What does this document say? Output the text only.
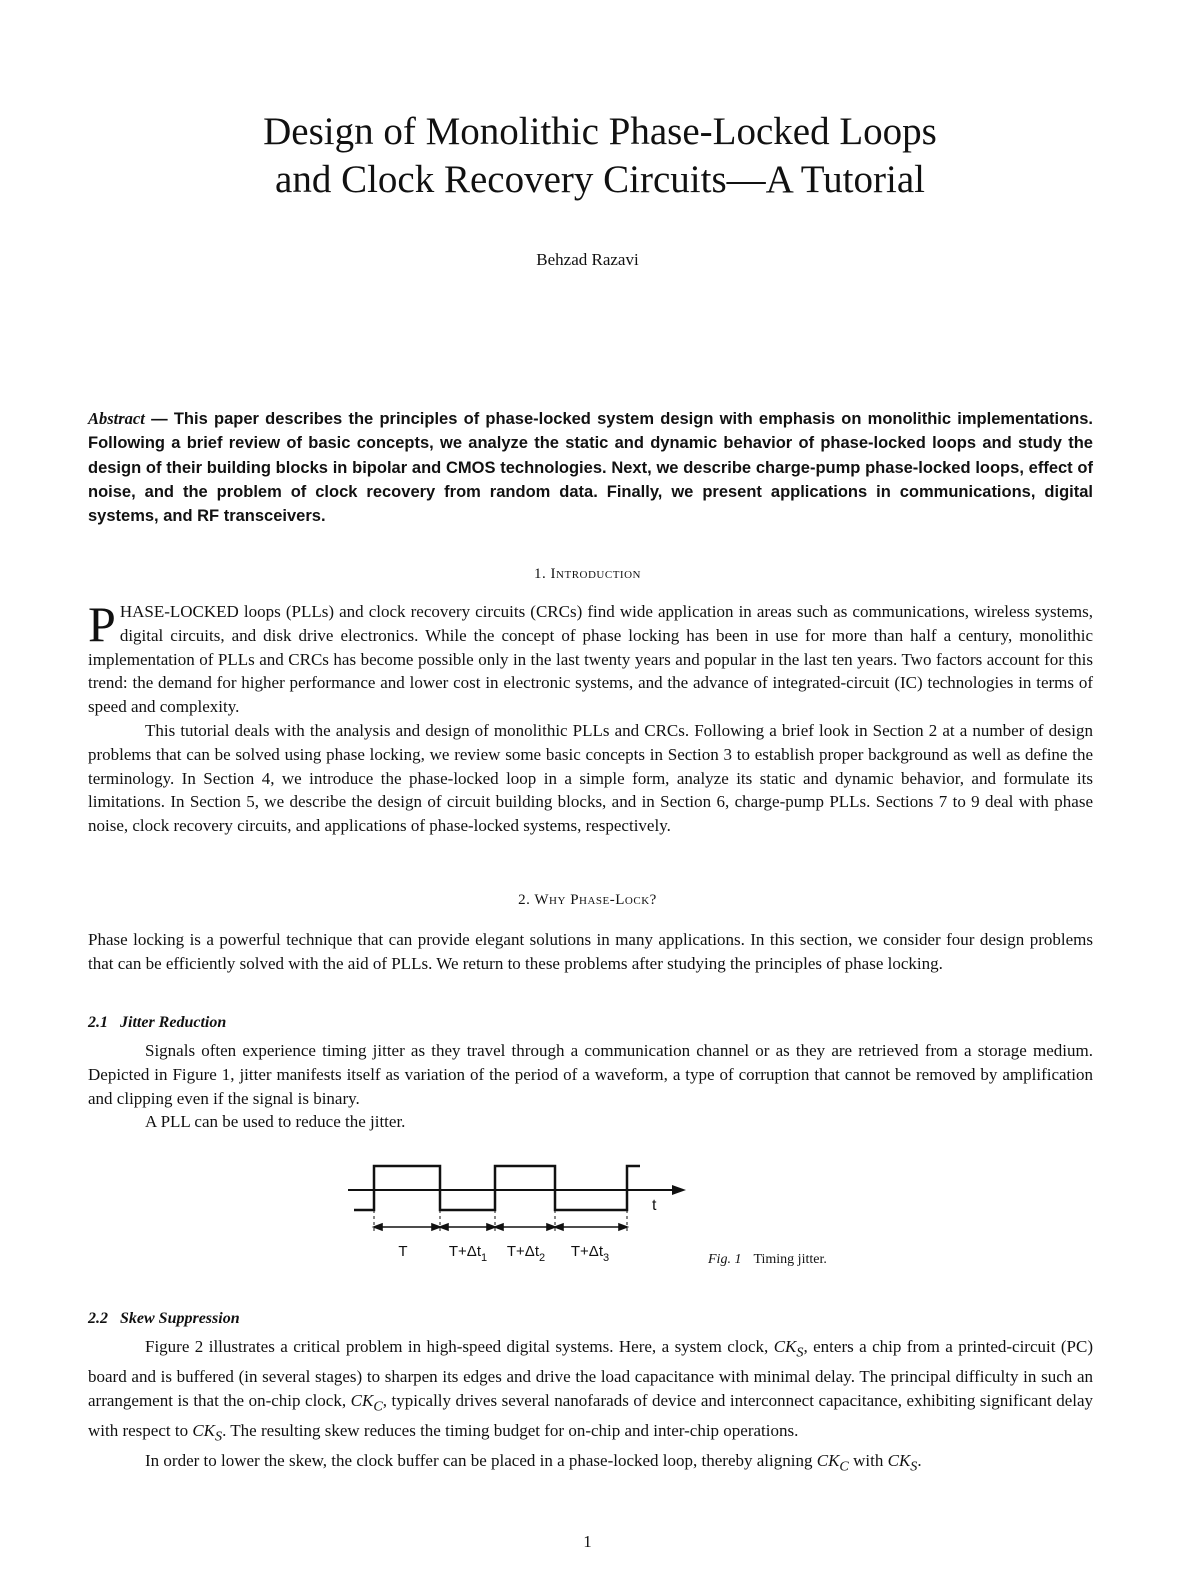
Design of Monolithic Phase-Locked Loops
and Clock Recovery Circuits—A Tutorial
Behzad Razavi

Abstract — This paper describes the principles of phase-locked system design with emphasis on monolithic implementations. Following a brief review of basic concepts, we analyze the static and dynamic behavior of phase-locked loops and study the design of their building blocks in bipolar and CMOS technologies. Next, we describe charge-pump phase-locked loops, effect of noise, and the problem of clock recovery from random data. Finally, we present applications in communications, digital systems, and RF transceivers.

1. Introduction

PHASE-LOCKED loops (PLLs) and clock recovery circuits (CRCs) find wide application in areas such as communications, wireless systems, digital circuits, and disk drive electronics. While the concept of phase locking has been in use for more than half a century, monolithic implementation of PLLs and CRCs has become possible only in the last twenty years and popular in the last ten years. Two factors account for this trend: the demand for higher performance and lower cost in electronic systems, and the advance of integrated-circuit (IC) technologies in terms of speed and complexity.

This tutorial deals with the analysis and design of monolithic PLLs and CRCs. Following a brief look in Section 2 at a number of design problems that can be solved using phase locking, we review some basic concepts in Section 3 to establish proper background as well as define the terminology. In Section 4, we introduce the phase-locked loop in a simple form, analyze its static and dynamic behavior, and formulate its limitations. In Section 5, we describe the design of circuit building blocks, and in Section 6, charge-pump PLLs. Sections 7 to 9 deal with phase noise, clock recovery circuits, and applications of phase-locked systems, respectively.

2. Why Phase-Lock?

Phase locking is a powerful technique that can provide elegant solutions in many applications. In this section, we consider four design problems that can be efficiently solved with the aid of PLLs. We return to these problems after studying the principles of phase locking.

2.1 Jitter Reduction

Signals often experience timing jitter as they travel through a communication channel or as they are retrieved from a storage medium. Depicted in Figure 1, jitter manifests itself as variation of the period of a waveform, a type of corruption that cannot be removed by amplification and clipping even if the signal is binary.

A PLL can be used to reduce the jitter.

t
T	$T+\Delta t_1$ $T+\Delta t_2$ $T+\Delta t_3$	Fig. 1 Timing jitter.
2.2 Skew Suppression

Figure 2 illustrates a critical problem in high-speed digital systems. Here, a system clock, $CK_S$, enters a chip from a printed-circuit (PC) board and is buffered (in several stages) to sharpen its edges and drive the load capacitance with minimal delay. The principal difficulty in such an arrangement is that the on-chip clock, $CK_C$, typically drives several nanofarads of device and interconnect capacitance, exhibiting significant delay with respect to $CK_S$. The resulting skew reduces the timing budget for on-chip and inter-chip operations.

In order to lower the skew, the clock buffer can be placed in a phase-locked loop, thereby aligning $CK_C$ with $CK_S$.

1
